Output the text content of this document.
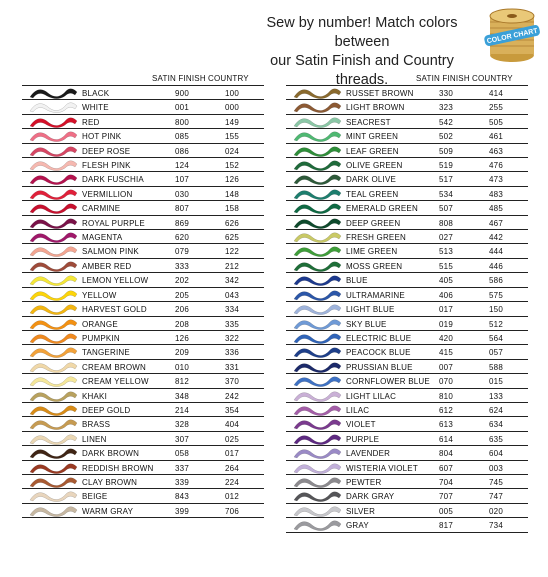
Sew by number! Match colors between
our Satin Finish and Country threads.
COLOR CHART
SATIN FINISH COUNTRY
BLACK	900	100
WHITE	001	000
RED	800	149
HOT PINK	085	155
DEEP ROSE	086	024
FLESH PINK	124	152
DARK FUSCHIA	107	126
VERMILLION	030	148
CARMINE	807	158
ROYAL PURPLE	869	626
MAGENTA	620	625
SALMON PINK	079	122
AMBER RED	333	212
LEMON YELLOW	202	342
YELLOW	205	043
HARVEST GOLD	206	334
ORANGE	208	335
PUMPKIN	126	322
TANGERINE	209	336
CREAM BROWN	010	331
CREAM YELLOW	812	370
KHAKI	348	242
DEEP GOLD	214	354
BRASS	328	404
LINEN	307	025
DARK BROWN	058	017
REDDISH BROWN	337	264
CLAY BROWN	339	224
BEIGE	843	012
WARM GRAY	399	706
SATIN FINISH COUNTRY
RUSSET BROWN	330	414
LIGHT BROWN	323	255
SEACREST	542	505
MINT GREEN	502	461
LEAF GREEN	509	463
OLIVE GREEN	519	476
DARK OLIVE	517	473
TEAL GREEN	534	483
EMERALD GREEN	507	485
DEEP GREEN	808	467
FRESH GREEN	027	442
LIME GREEN	513	444
MOSS GREEN	515	446
BLUE	405	586
ULTRAMARINE	406	575
LIGHT BLUE	017	150
SKY BLUE	019	512
ELECTRIC BLUE	420	564
PEACOCK BLUE	415	057
PRUSSIAN BLUE	007	588
CORNFLOWER BLUE	070	015
LIGHT LILAC	810	133
LILAC	612	624
VIOLET	613	634
PURPLE	614	635
LAVENDER	804	604
WISTERIA VIOLET	607	003
PEWTER	704	745
DARK GRAY	707	747
SILVER	005	020
GRAY	817	734
